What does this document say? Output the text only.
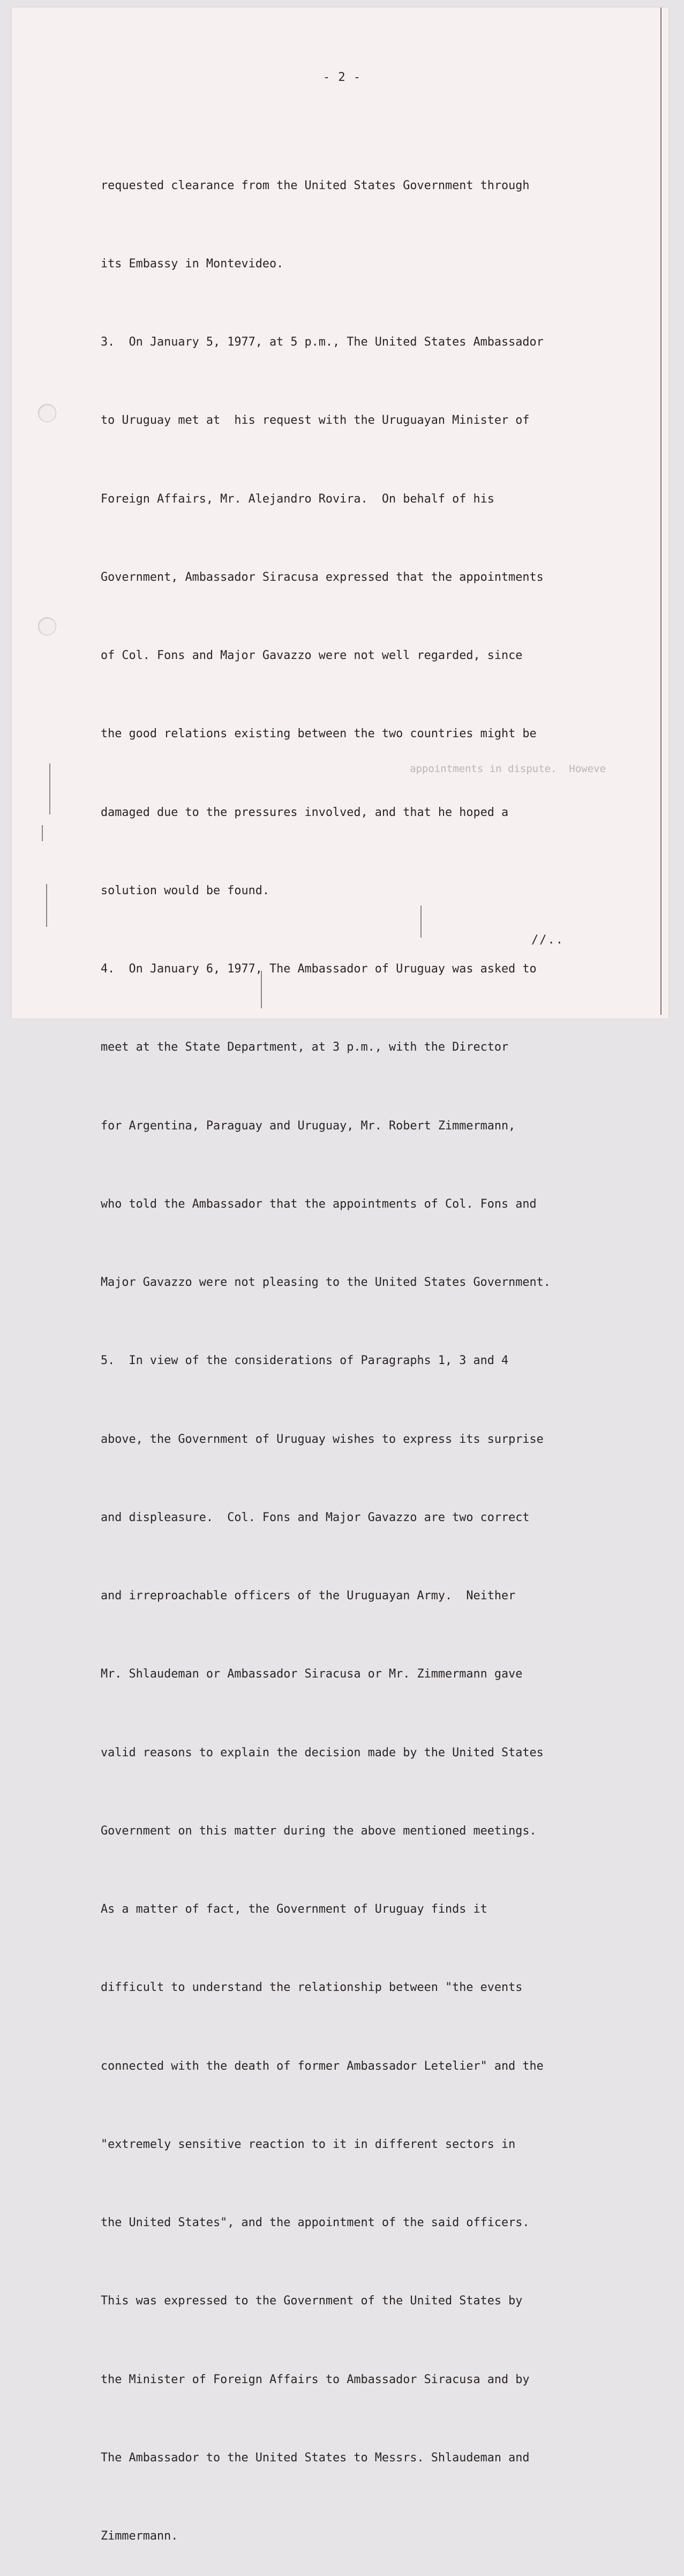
- 2 -
appointments in dispute.  Howeve

requested clearance from the United States Government through

its Embassy in Montevideo.

3.  On January 5, 1977, at 5 p.m., The United States Ambassador

to Uruguay met at  his request with the Uruguayan Minister of

Foreign Affairs, Mr. Alejandro Rovira.  On behalf of his

Government, Ambassador Siracusa expressed that the appointments

of Col. Fons and Major Gavazzo were not well regarded, since

the good relations existing between the two countries might be

damaged due to the pressures involved, and that he hoped a

solution would be found.

4.  On January 6, 1977, The Ambassador of Uruguay was asked to

meet at the State Department, at 3 p.m., with the Director

for Argentina, Paraguay and Uruguay, Mr. Robert Zimmermann,

who told the Ambassador that the appointments of Col. Fons and

Major Gavazzo were not pleasing to the United States Government.

5.  In view of the considerations of Paragraphs 1, 3 and 4

above, the Government of Uruguay wishes to express its surprise

and displeasure.  Col. Fons and Major Gavazzo are two correct

and irreproachable officers of the Uruguayan Army.  Neither

Mr. Shlaudeman or Ambassador Siracusa or Mr. Zimmermann gave

valid reasons to explain the decision made by the United States

Government on this matter during the above mentioned meetings.

As a matter of fact, the Government of Uruguay finds it

difficult to understand the relationship between "the events

connected with the death of former Ambassador Letelier" and the

"extremely sensitive reaction to it in different sectors in

the United States", and the appointment of the said officers.

This was expressed to the Government of the United States by

the Minister of Foreign Affairs to Ambassador Siracusa and by

The Ambassador to the United States to Messrs. Shlaudeman and

Zimmermann.

//..
